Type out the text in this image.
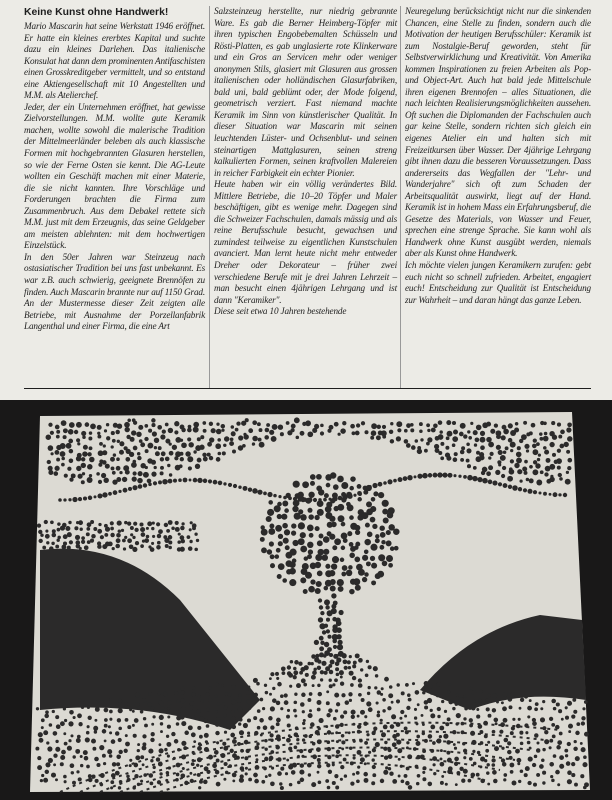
Keine Kunst ohne Handwerk!

Mario Mascarin hat seine Werkstatt 1946 eröffnet. Er hatte ein kleines ererbtes Kapital und suchte dazu ein kleines Darlehen. Das italienische Konsulat hat dann dem prominenten Antifaschisten einen Grosskreditgeber vermittelt, und so entstand eine Aktiengesellschaft mit 10 Angestellten und M.M. als Atelierchef.

Jeder, der ein Unternehmen eröffnet, hat gewisse Zielvorstellungen. M.M. wollte gute Keramik machen, wollte sowohl die malerische Tradition der Mittelmeerländer beleben als auch klassische Formen mit hochgebrannten Glasuren herstellen, so wie der Ferne Osten sie kennt. Die AG-Leute wollten ein Geschäft machen mit einer Materie, die sie nicht kannten. Ihre Vorschläge und Forderungen brachten die Firma zum Zusammenbruch. Aus dem Debakel rettete sich M.M. just mit dem Erzeugnis, das seine Geldgeber am meisten ablehnten: mit dem hochwertigen Einzelstück.

In den 50er Jahren war Steinzeug nach ostasiatischer Tradition bei uns fast unbekannt. Es war z.B. auch schwierig, geeignete Brennöfen zu finden. Auch Mascarin brannte nur auf 1150 Grad. An der Mustermesse dieser Zeit zeigten alle Betriebe, mit Ausnahme der Porzellanfabrik Langenthal und einer Firma, die eine Art

Salzsteinzeug herstellte, nur niedrig gebrannte Ware. Es gab die Berner Heimberg-Töpfer mit ihren typischen Engobebemalten Schüsseln und Rösti-Platten, es gab unglasierte rote Klinkerware und ein Gros an Servicen mehr oder weniger anonymen Stils, glasiert mit Glasuren aus grossen italienischen oder holländischen Glasurfabriken, bald uni, bald geblümt oder, der Mode folgend, geometrisch verziert. Fast niemand machte Keramik im Sinn von künstlerischer Qualität. In dieser Situation war Mascarin mit seinen leuchtenden Lüster- und Ochsenblut- und seinen steinartigen Mattglasuren, seinen streng kalkulierten Formen, seinen kraftvollen Malereien in reicher Farbigkeit ein echter Pionier.

Heute haben wir ein völlig verändertes Bild. Mittlere Betriebe, die 10–20 Töpfer und Maler beschäftigen, gibt es wenige mehr. Dagegen sind die Schweizer Fachschulen, damals mässig und als reine Berufsschule besucht, gewachsen und zumindest teilweise zu eigentlichen Kunstschulen avanciert. Man lernt heute nicht mehr entweder Dreher oder Dekorateur – früher zwei verschiedene Berufe mit je drei Jahren Lehrzeit – man besucht einen 4jährigen Lehrgang und ist dann "Keramiker".

Diese seit etwa 10 Jahren bestehende

Neuregelung berücksichtigt nicht nur die sinkenden Chancen, eine Stelle zu finden, sondern auch die Motivation der heutigen Berufsschüler: Keramik ist zum Nostalgie-Beruf geworden, steht für Selbstverwirklichung und Kreativität. Von Amerika kommen Inspirationen zu freien Arbeiten als Pop- und Object-Art. Auch hat bald jede Mittelschule ihren eigenen Brennofen – alles Situationen, die nach leichten Realisierungsmöglichkeiten aussehen. Oft suchen die Diplomanden der Fachschulen auch gar keine Stelle, sondern richten sich gleich ein eigenes Atelier ein und halten sich mit Freizeitkursen über Wasser. Der 4jährige Lehrgang gibt ihnen dazu die besseren Voraussetzungen. Dass andererseits das Wegfallen der "Lehr- und Wanderjahre" sich oft zum Schaden der Arbeitsqualität auswirkt, liegt auf der Hand. Keramik ist in hohem Mass ein Erfahrungsberuf, die Gesetze des Materials, von Wasser und Feuer, sprechen eine strenge Sprache. Sie kann wohl als Handwerk ohne Kunst ausgübt werden, niemals aber als Kunst ohne Handwerk.

Ich möchte vielen jungen Keramikern zurufen: gebt euch nicht so schnell zufrieden. Arbeitet, engagiert euch! Entscheidung zur Qualität ist Entscheidung zur Wahrheit – und daran hängt das ganze Leben.
